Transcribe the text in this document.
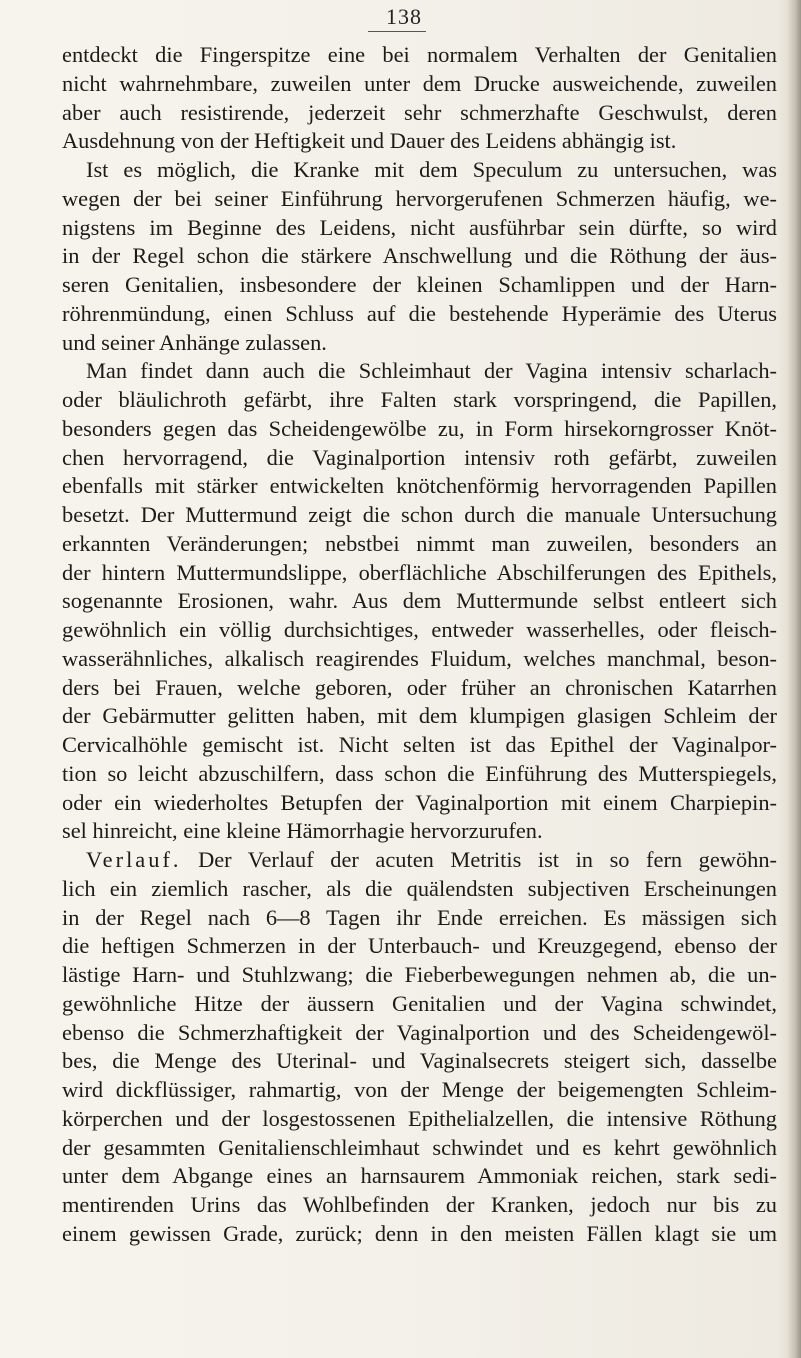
138
entdeckt die Fingerspitze eine bei normalem Verhalten der Genitalien
nicht wahrnehmbare, zuweilen unter dem Drucke ausweichende, zuweilen
aber auch resistirende, jederzeit sehr schmerzhafte Geschwulst, deren
Ausdehnung von der Heftigkeit und Dauer des Leidens abhängig ist.
Ist es möglich, die Kranke mit dem Speculum zu untersuchen, was
wegen der bei seiner Einführung hervorgerufenen Schmerzen häufig, we-
nigstens im Beginne des Leidens, nicht ausführbar sein dürfte, so wird
in der Regel schon die stärkere Anschwellung und die Röthung der äus-
seren Genitalien, insbesondere der kleinen Schamlippen und der Harn-
röhrenmündung, einen Schluss auf die bestehende Hyperämie des Uterus
und seiner Anhänge zulassen.
Man findet dann auch die Schleimhaut der Vagina intensiv scharlach-
oder bläulichroth gefärbt, ihre Falten stark vorspringend, die Papillen,
besonders gegen das Scheidengewölbe zu, in Form hirsekorngrosser Knöt-
chen hervorragend, die Vaginalportion intensiv roth gefärbt, zuweilen
ebenfalls mit stärker entwickelten knötchenförmig hervorragenden Papillen
besetzt. Der Muttermund zeigt die schon durch die manuale Untersuchung
erkannten Veränderungen; nebstbei nimmt man zuweilen, besonders an
der hintern Muttermundslippe, oberflächliche Abschilferungen des Epithels,
sogenannte Erosionen, wahr. Aus dem Muttermunde selbst entleert sich
gewöhnlich ein völlig durchsichtiges, entweder wasserhelles, oder fleisch-
wasserähnliches, alkalisch reagirendes Fluidum, welches manchmal, beson-
ders bei Frauen, welche geboren, oder früher an chronischen Katarrhen
der Gebärmutter gelitten haben, mit dem klumpigen glasigen Schleim der
Cervicalhöhle gemischt ist. Nicht selten ist das Epithel der Vaginalpor-
tion so leicht abzuschilfern, dass schon die Einführung des Mutterspiegels,
oder ein wiederholtes Betupfen der Vaginalportion mit einem Charpiepin-
sel hinreicht, eine kleine Hämorrhagie hervorzurufen.
Verlauf. Der Verlauf der acuten Metritis ist in so fern gewöhn-
lich ein ziemlich rascher, als die quälendsten subjectiven Erscheinungen
in der Regel nach 6—8 Tagen ihr Ende erreichen. Es mässigen sich
die heftigen Schmerzen in der Unterbauch- und Kreuzgegend, ebenso der
lästige Harn- und Stuhlzwang; die Fieberbewegungen nehmen ab, die un-
gewöhnliche Hitze der äussern Genitalien und der Vagina schwindet,
ebenso die Schmerzhaftigkeit der Vaginalportion und des Scheidengewöl-
bes, die Menge des Uterinal- und Vaginalsecrets steigert sich, dasselbe
wird dickflüssiger, rahmartig, von der Menge der beigemengten Schleim-
körperchen und der losgestossenen Epithelialzellen, die intensive Röthung
der gesammten Genitalienschleimhaut schwindet und es kehrt gewöhnlich
unter dem Abgange eines an harnsaurem Ammoniak reichen, stark sedi-
mentirenden Urins das Wohlbefinden der Kranken, jedoch nur bis zu
einem gewissen Grade, zurück; denn in den meisten Fällen klagt sie um
